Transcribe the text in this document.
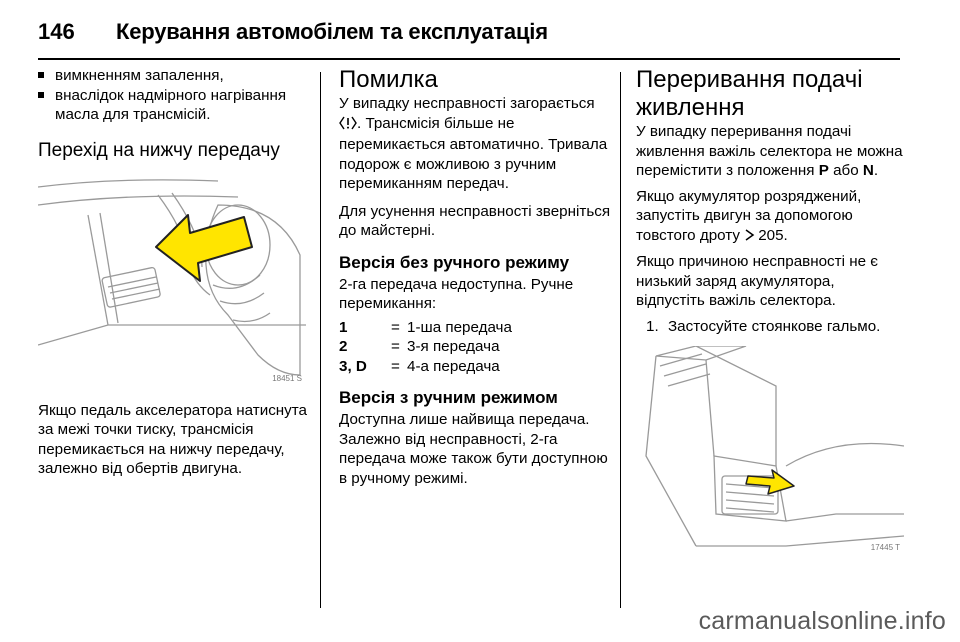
146	Керування автомобілем та експлуатація
вимкненням запалення,
внаслідок надмірного нагрівання масла для трансмісій.
Перехід на нижчу передачу
18451 S
Якщо педаль акселератора натиснута за межі точки тиску, трансмісія перемикається на нижчу передачу, залежно від обертів двигуна.
Помилка
У випадку несправності загорається . Трансмісія більше не перемикається автоматично. Тривала подорож є можливою з ручним перемиканням передач.
Для усунення несправності зверніться до майстерні.
Версія без ручного режиму
2-га передача недоступна. Ручне перемикання:
1	= 1-ша передача
2	= 3-я передача
3, D	= 4-а передача
Версія з ручним режимом
Доступна лише найвища передача. Залежно від несправності, 2-га передача може також бути доступною в ручному режимі.
Переривання подачі живлення
У випадку переривання подачі живлення важіль селектора не можна перемістити з положення P або N.
Якщо акумулятор розряджений, запустіть двигун за допомогою товстого дроту 205.
Якщо причиною несправності не є низький заряд акумулятора, відпустіть важіль селектора.
1. Застосуйте стоянкове гальмо.
17445 T
carmanualsonline.info
